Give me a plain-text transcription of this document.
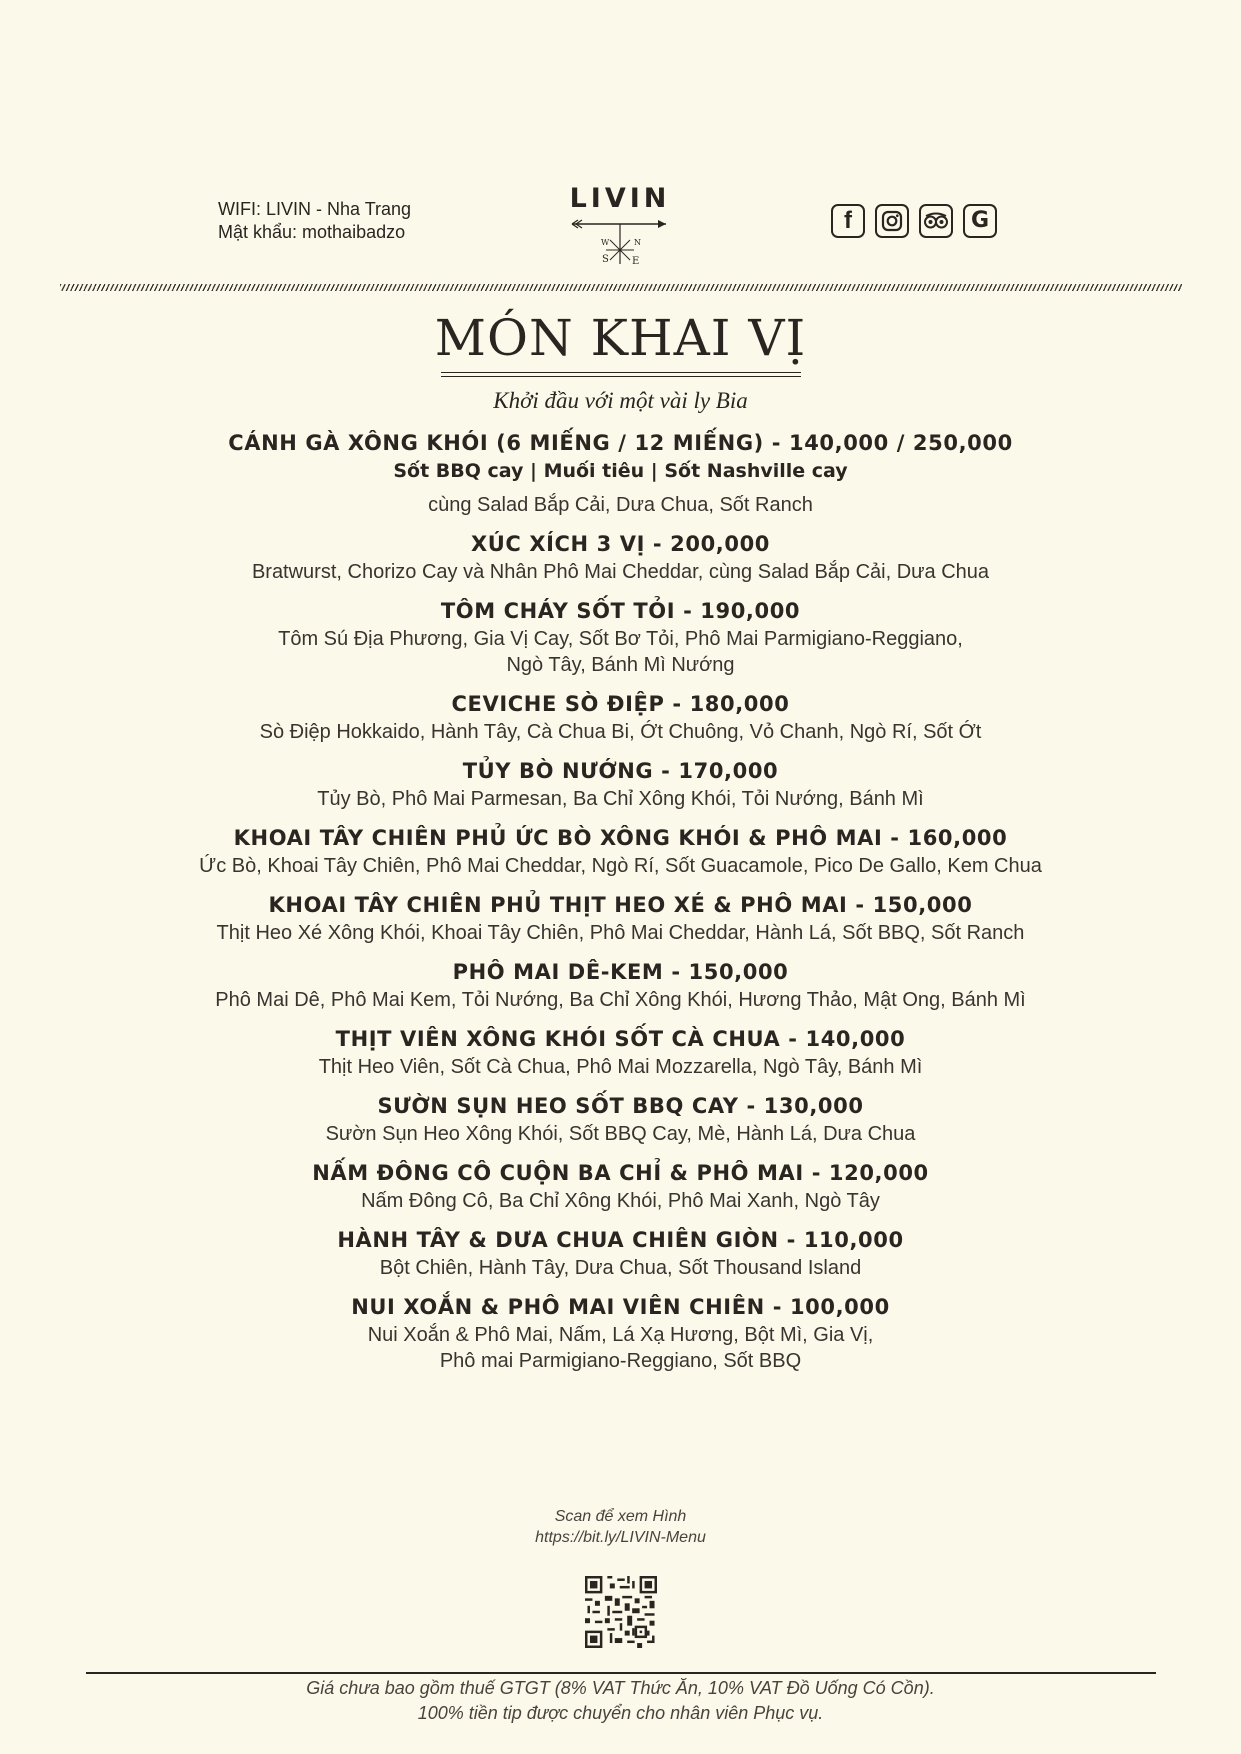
WIFI: LIVIN - Nha Trang
Mật khẩu: mothaibadzo
LIVIN
W	N
S E
f	G
MÓN KHAI VỊ
Khởi đầu với một vài ly Bia
CÁNH GÀ XÔNG KHÓI (6 MIẾNG / 12 MIẾNG) - 140,000 / 250,000
Sốt BBQ cay | Muối tiêu | Sốt Nashville cay
cùng Salad Bắp Cải, Dưa Chua, Sốt Ranch
XÚC XÍCH 3 VỊ - 200,000
Bratwurst, Chorizo Cay và Nhân Phô Mai Cheddar, cùng Salad Bắp Cải, Dưa Chua
TÔM CHÁY SỐT TỎI - 190,000
Tôm Sú Địa Phương, Gia Vị Cay, Sốt Bơ Tỏi, Phô Mai Parmigiano-Reggiano,
Ngò Tây, Bánh Mì Nướng
CEVICHE SÒ ĐIỆP - 180,000
Sò Điệp Hokkaido, Hành Tây, Cà Chua Bi, Ớt Chuông, Vỏ Chanh, Ngò Rí, Sốt Ớt
TỦY BÒ NƯỚNG - 170,000
Tủy Bò, Phô Mai Parmesan, Ba Chỉ Xông Khói, Tỏi Nướng, Bánh Mì
KHOAI TÂY CHIÊN PHỦ ỨC BÒ XÔNG KHÓI & PHÔ MAI - 160,000
Ức Bò, Khoai Tây Chiên, Phô Mai Cheddar, Ngò Rí, Sốt Guacamole, Pico De Gallo, Kem Chua
KHOAI TÂY CHIÊN PHỦ THỊT HEO XÉ & PHÔ MAI - 150,000
Thịt Heo Xé Xông Khói, Khoai Tây Chiên, Phô Mai Cheddar, Hành Lá, Sốt BBQ, Sốt Ranch
PHÔ MAI DÊ-KEM - 150,000
Phô Mai Dê, Phô Mai Kem, Tỏi Nướng, Ba Chỉ Xông Khói, Hương Thảo, Mật Ong, Bánh Mì
THỊT VIÊN XÔNG KHÓI SỐT CÀ CHUA - 140,000
Thịt Heo Viên, Sốt Cà Chua, Phô Mai Mozzarella, Ngò Tây, Bánh Mì
SƯỜN SỤN HEO SỐT BBQ CAY - 130,000
Sườn Sụn Heo Xông Khói, Sốt BBQ Cay, Mè, Hành Lá, Dưa Chua
NẤM ĐÔNG CÔ CUỘN BA CHỈ & PHÔ MAI - 120,000
Nấm Đông Cô, Ba Chỉ Xông Khói, Phô Mai Xanh, Ngò Tây
HÀNH TÂY & DƯA CHUA CHIÊN GIÒN - 110,000
Bột Chiên, Hành Tây, Dưa Chua, Sốt Thousand Island
NUI XOẮN & PHÔ MAI VIÊN CHIÊN - 100,000
Nui Xoắn & Phô Mai, Nấm, Lá Xạ Hương, Bột Mì, Gia Vị,
Phô mai Parmigiano-Reggiano, Sốt BBQ
Scan để xem Hình
https://bit.ly/LIVIN-Menu
Giá chưa bao gồm thuế GTGT (8% VAT Thức Ăn, 10% VAT Đồ Uống Có Cồn).
100% tiền tip được chuyển cho nhân viên Phục vụ.
